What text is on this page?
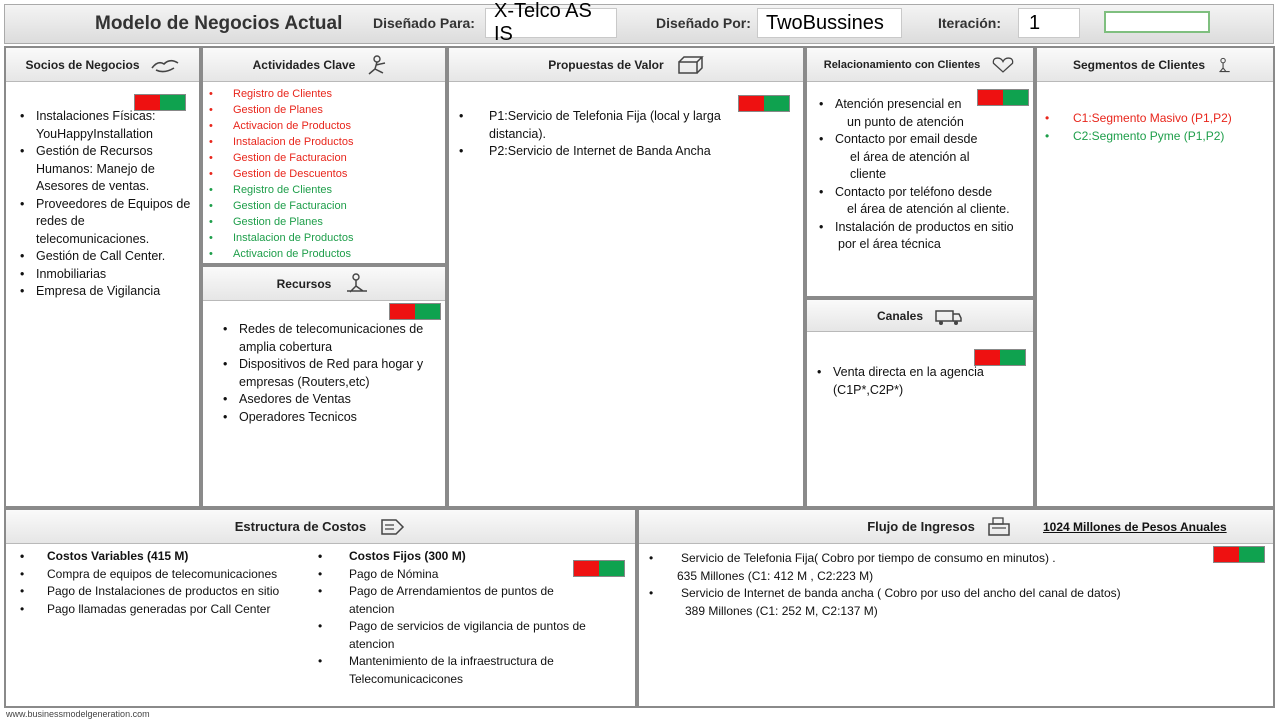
Modelo de Negocios Actual Diseñado Para:
X-Telco AS IS	Diseñado Por: TwoBussines	Iteración:	1
Socios de Negocios
• Instalaciones Físicas: YouHappyInstallation
• Gestión de Recursos Humanos: Manejo de Asesores de ventas.
• Proveedores de Equipos de redes de telecomunicaciones.
• Gestión de Call Center.
• Inmobiliarias
• Empresa de Vigilancia
Actividades Clave
• Registro de Clientes
• Gestion de Planes
• Activacion de Productos
• Instalacion de Productos
• Gestion de Facturacion
• Gestion de Descuentos
• Registro de Clientes
• Gestion de Facturacion
• Gestion de Planes
• Instalacion de Productos
• Activacion de Productos
Recursos
• Redes de telecomunicaciones de amplia cobertura
• Dispositivos de Red para hogar y empresas (Routers,etc)
• Asedores de Ventas
• Operadores Tecnicos
Propuestas de Valor
• P1:Servicio de Telefonia Fija (local y larga distancia).
• P2:Servicio de Internet de Banda Ancha
Relacionamiento con Clientes
• Atención presencial en
un punto de atención
• Contacto por email desde
el área de atención al
cliente
• Contacto por teléfono desde
el área de atención al cliente.
• Instalación de productos en sitio
por el área técnica
Canales
• Venta directa en la agencia (C1P*,C2P*)
Segmentos de Clientes
• C1:Segmento Masivo (P1,P2)
• C2:Segmento Pyme (P1,P2)
Estructura de Costos
• Costos Variables (415 M)
• Compra de equipos de telecomunicaciones
• Pago de Instalaciones de productos en sitio
• Pago llamadas generadas por Call Center
• Costos Fijos (300 M)
• Pago de Nómina
• Pago de Arrendamientos de puntos de atencion
• Pago de servicios de vigilancia de puntos de atencion
• Mantenimiento de la infraestructura de Telecomunicacicones
Flujo de Ingresos	1024 Millones de Pesos Anuales
• Servicio de Telefonia Fija( Cobro por tiempo de consumo en minutos) .
635 Millones (C1: 412 M , C2:223 M)
• Servicio de Internet de banda ancha ( Cobro por uso del ancho del canal de datos)
389 Millones (C1: 252 M, C2:137 M)
www.businessmodelgeneration.com
